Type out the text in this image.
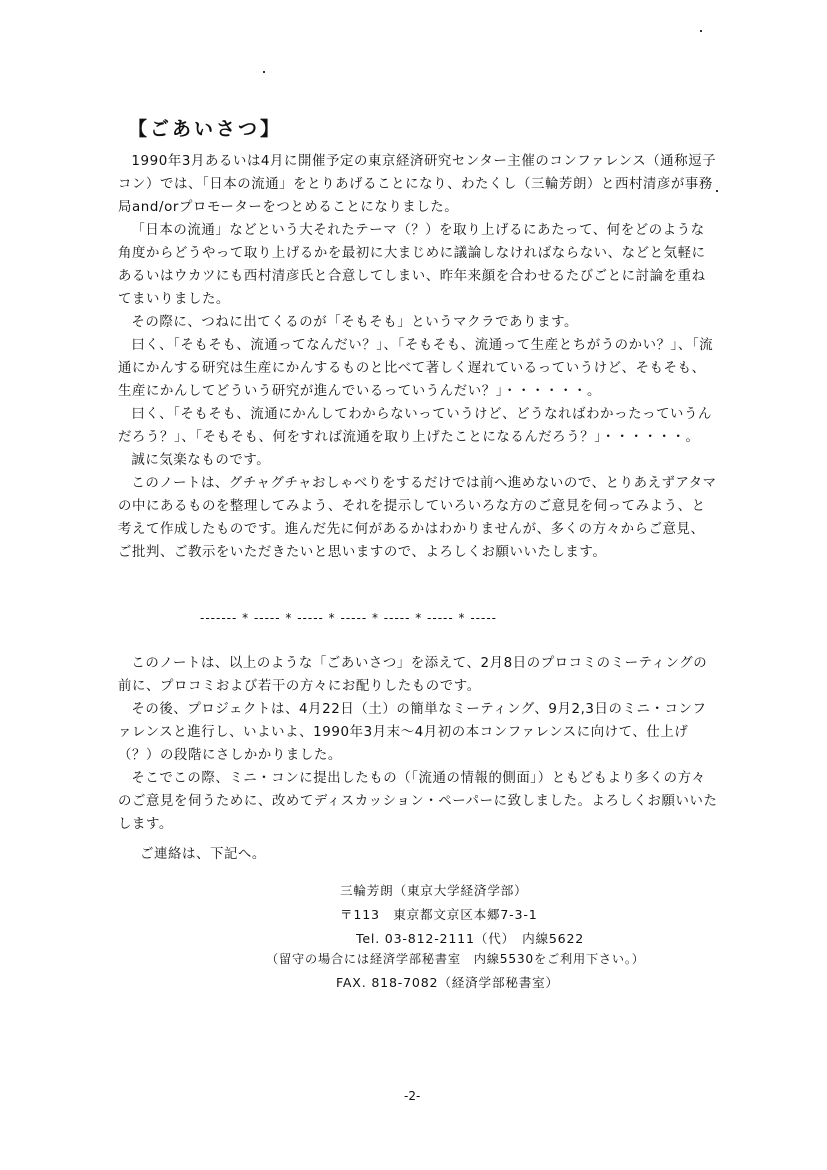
【ごあいさつ】

1990年3月あるいは4月に開催予定の東京経済研究センター主催のコンファレンス（通称逗子コン）では、「日本の流通」をとりあげることになり、わたくし（三輪芳朗）と西村清彦が事務局and/orプロモーターをつとめることになりました。

「日本の流通」などという大それたテーマ（？）を取り上げるにあたって、何をどのような角度からどうやって取り上げるかを最初に大まじめに議論しなければならない、などと気軽にあるいはウカツにも西村清彦氏と合意してしまい、昨年来顔を合わせるたびごとに討論を重ねてまいりました。

その際に、つねに出てくるのが「そもそも」というマクラであります。

曰く、「そもそも、流通ってなんだい？」、「そもそも、流通って生産とちがうのかい？」、「流通にかんする研究は生産にかんするものと比べて著しく遅れているっていうけど、そもそも、生産にかんしてどういう研究が進んでいるっていうんだい？」・・・・・・。

曰く、「そもそも、流通にかんしてわからないっていうけど、どうなればわかったっていうんだろう？」、「そもそも、何をすれば流通を取り上げたことになるんだろう？」・・・・・・。

誠に気楽なものです。

このノートは、グチャグチャおしゃべりをするだけでは前へ進めないので、とりあえずアタマの中にあるものを整理してみよう、それを提示していろいろな方のご意見を伺ってみよう、と考えて作成したものです。進んだ先に何があるかはわかりませんが、多くの方々からご意見、ご批判、ご教示をいただきたいと思いますので、よろしくお願いいたします。

------- * ----- * ----- * ----- * ----- * ----- * -----

このノートは、以上のような「ごあいさつ」を添えて、2月8日のプロコミのミーティングの前に、プロコミおよび若干の方々にお配りしたものです。

その後、プロジェクトは、4月22日（土）の簡単なミーティング、9月2,3日のミニ・コンファレンスと進行し、いよいよ、1990年3月末～4月初の本コンファレンスに向けて、仕上げ（？）の段階にさしかかりました。

そこでこの際、ミニ・コンに提出したもの（「流通の情報的側面」）ともどもより多くの方々のご意見を伺うために、改めてディスカッション・ペーパーに致しました。よろしくお願いいたします。

ご連絡は、下記へ。
三輪芳朗（東京大学経済学部）
〒113　東京都文京区本郷7-3-1
Tel. 03-812-2111（代）　内線5622
（留守の場合には経済学部秘書室　内線5530をご利用下さい。）
FAX. 818-7082（経済学部秘書室）
-2-
